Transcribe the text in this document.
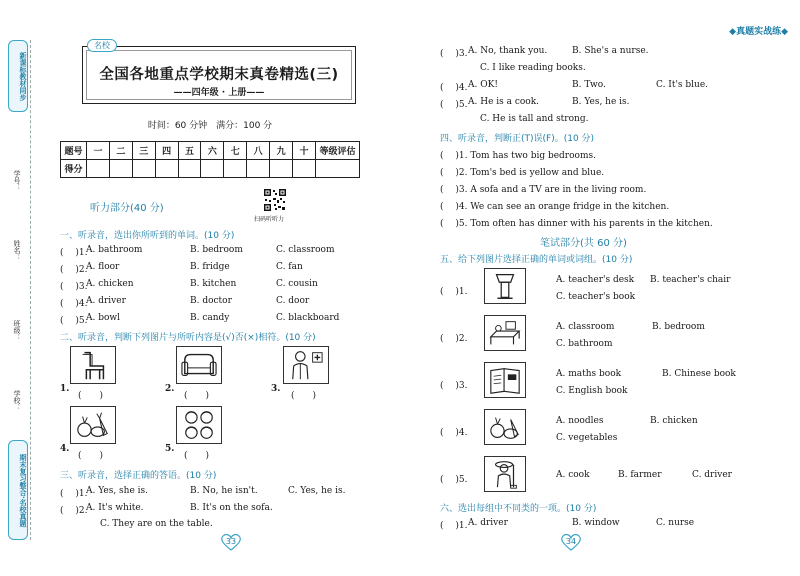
新课标教材同步
学号：
姓名：
班级：
学校：
期末复习整合·名校真题
名校
全国各地重点学校期末真卷精选(三)
——四年级 · 上册——
时间：60 分钟　满分：100 分
题号	一	二	三	四	五	六	七	八	九	十	等级评估
得分											
听力部分(40 分)
扫码听听力
一、听录音，选出你所听到的单词。(10 分)
( 　)1.
A. bathroom	B. bedroom	C. classroom
( 　)2.
A. floor	B. fridge	C. fan
( 　)3.
A. chicken	B. kitchen	C. cousin
( 　)4.
A. driver	B. doctor	C. door
( 　)5.
A. bowl	B. candy	C. blackboard
二、听录音，判断下列图片与所听内容是(√)否(×)相符。(10 分)
1.
(　　)
2.
(　　)
3.
(　　)
4.
(　　)
5.
(　　)
三、听录音，选择正确的答语。(10 分)
( 　)1.
A. Yes, she is.	B. No, he isn't.	C. Yes, he is.
( 　)2.
A. It's white.	B. It's on the sofa.
C. They are on the table.
33
◆真题实战练◆
( 　)3. A. No, thank you.	B. She's a nurse.
C. I like reading books.
( 　)4. A. OK!	B. Two.	C. It's blue.
( 　)5. A. He is a cook.	B. Yes, he is.
C. He is tall and strong.
四、听录音，判断正(T)误(F)。(10 分)
( 　)1. Tom has two big bedrooms.
( 　)2. Tom's bed is yellow and blue.
( 　)3. A sofa and a TV are in the living room.
( 　)4. We can see an orange fridge in the kitchen.
( 　)5. Tom often has dinner with his parents in the kitchen.
笔试部分(共 60 分)
五、给下列图片选择正确的单词或词组。(10 分)
( 　)1.
A. teacher's desk B. teacher's chair
C. teacher's book
( 　)2.
A. classroom	B. bedroom
C. bathroom
( 　)3.
A. maths book	B. Chinese book
C. English book
( 　)4.
A. noodles	B. chicken
C. vegetables
( 　)5.	A. cook	B. farmer	C. driver
六、选出每组中不同类的一项。(10 分)
( 　)1. A. driver	B. window	C. nurse
34
